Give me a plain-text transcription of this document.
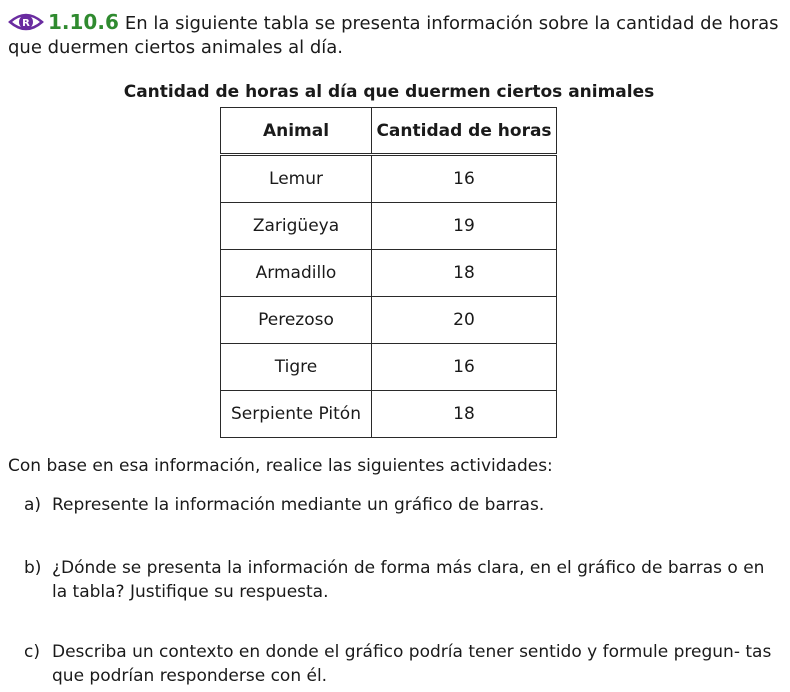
R 1.10.6 En la siguiente tabla se presenta información sobre la cantidad de horas que duermen ciertos animales al día.
Cantidad de horas al día que duermen ciertos animales
Animal	Cantidad de horas
Lemur	16
Zarigüeya	19
Armadillo	18
Perezoso	20
Tigre	16
Serpiente Pitón	18
Con base en esa información, realice las siguientes actividades:
a) Represente la información mediante un gráfico de barras.
b) ¿Dónde se presenta la información de forma más clara, en el gráfico de barras o en la tabla? Justifique su respuesta.
c) Describa un contexto en donde el gráfico podría tener sentido y formule pregun- tas que podrían responderse con él.
